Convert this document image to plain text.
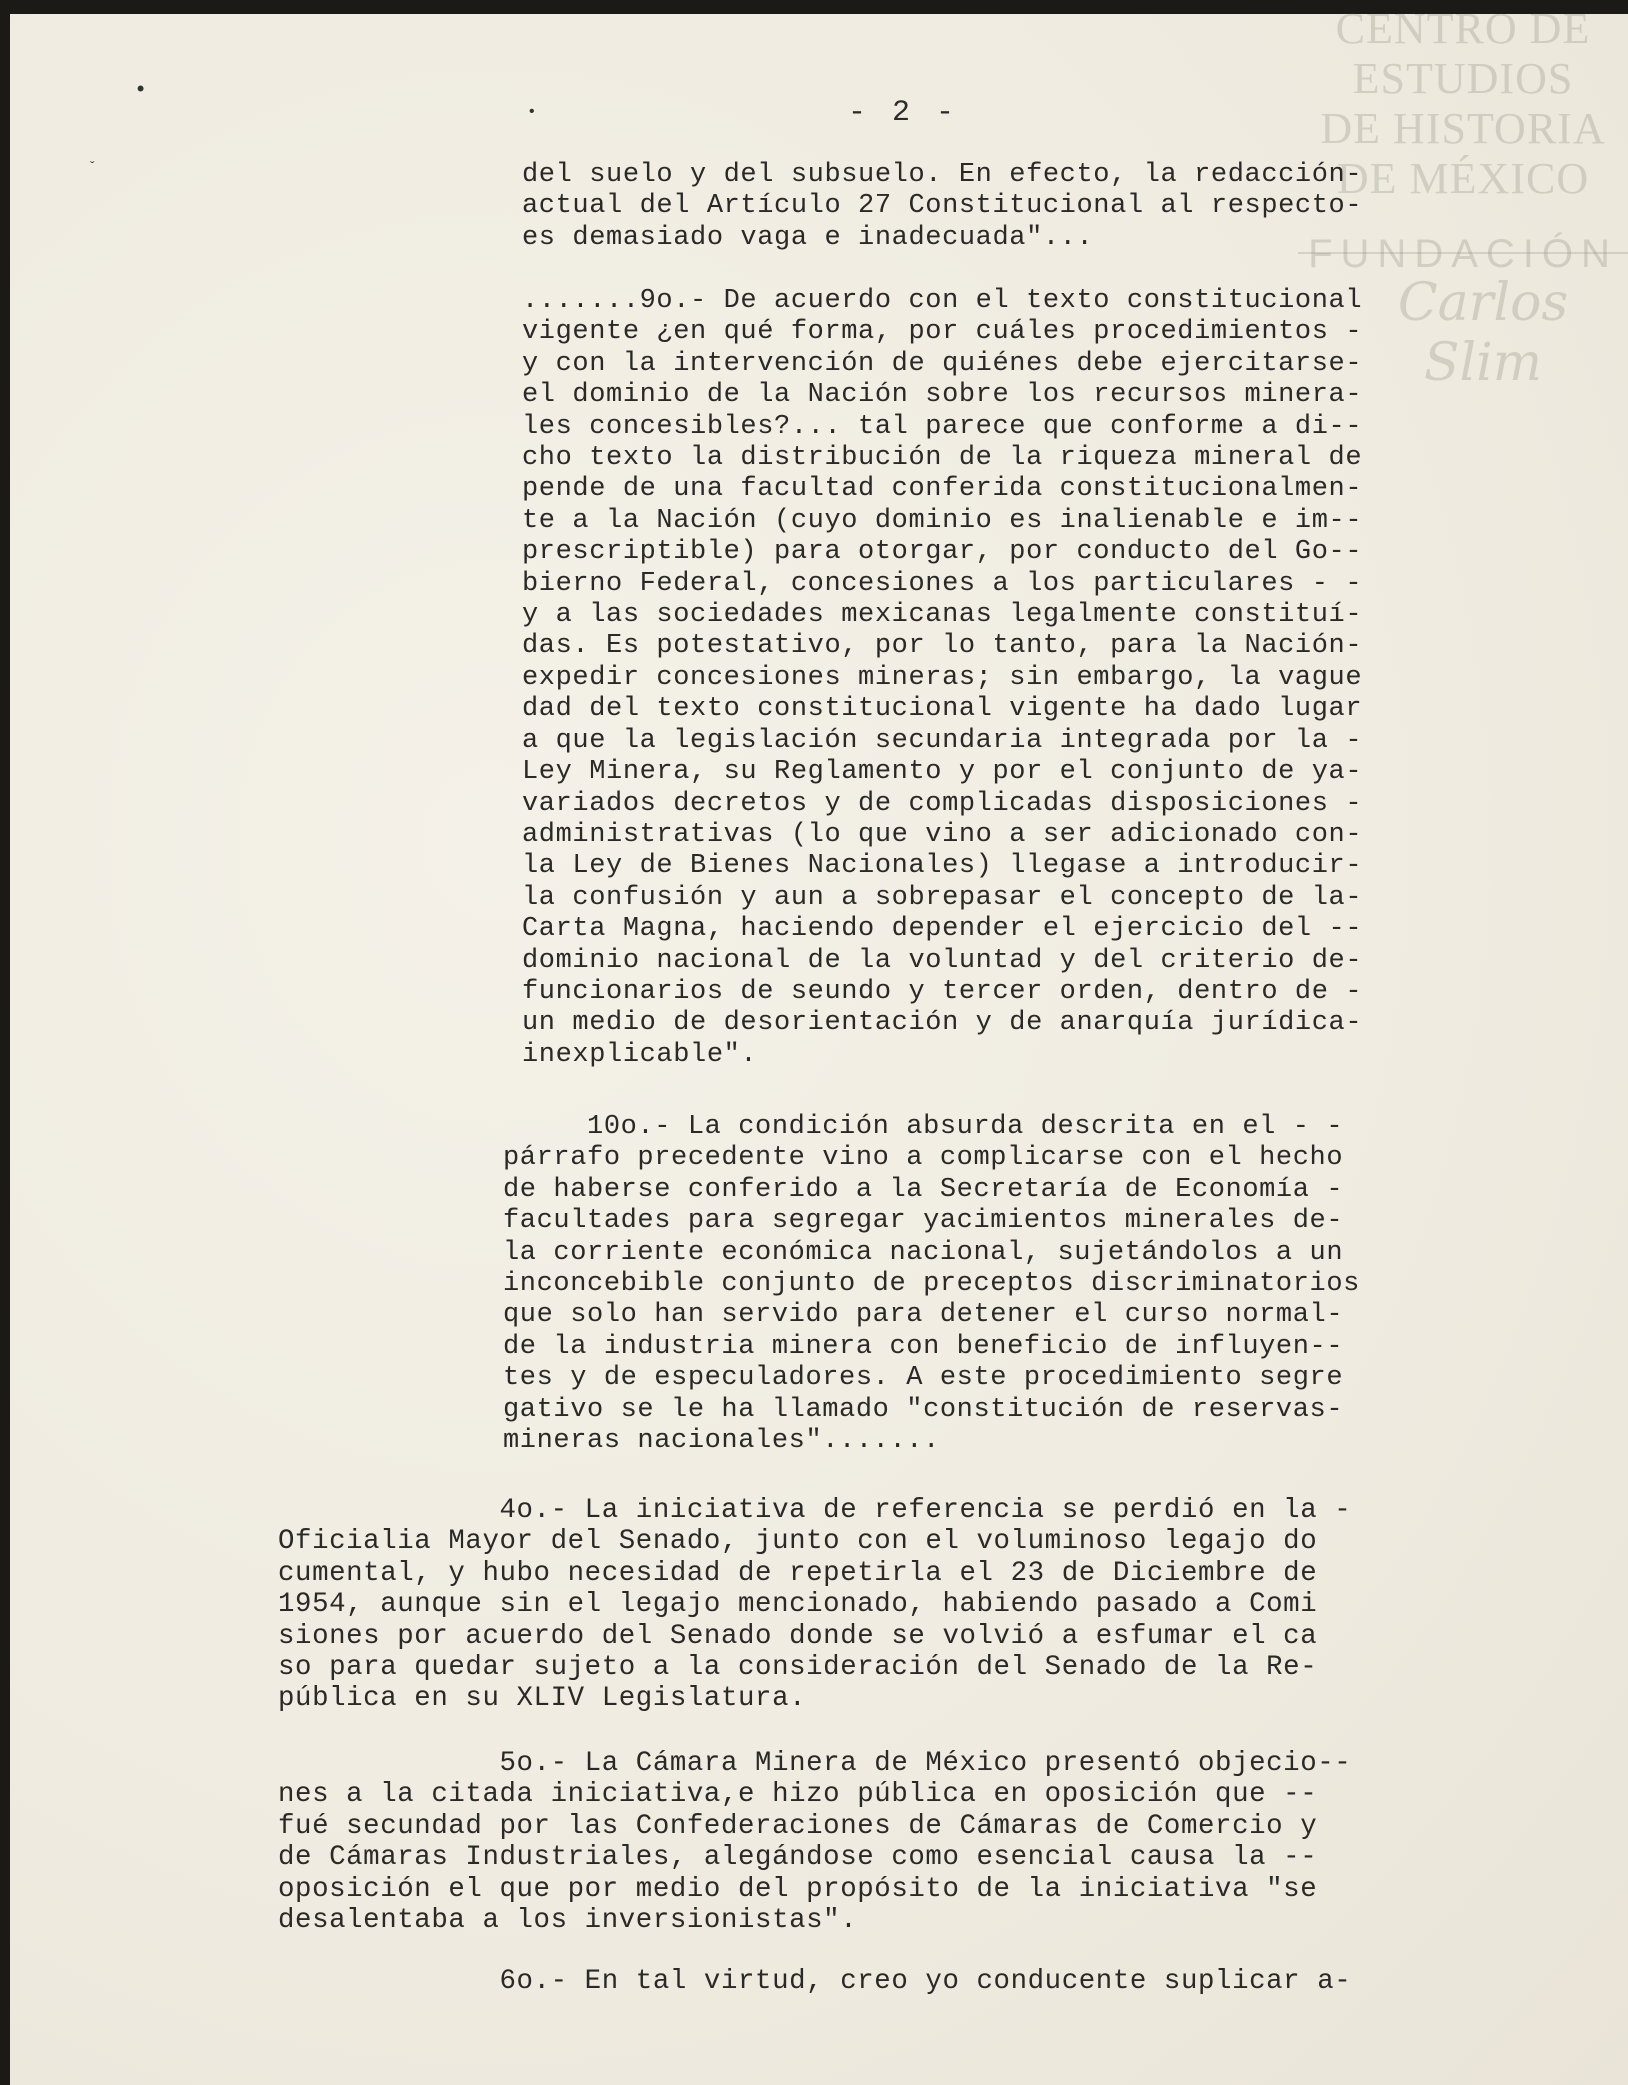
CENTRO DE
ESTUDIOS
DE HISTORIA
DE MÉXICO
FUNDACIÓN
Carlos Slim
•
ˇ
•	- 2 -
del suelo y del subsuelo. En efecto, la redacción-
actual del Artículo 27 Constitucional al respecto-
es demasiado vaga e inadecuada"...
.......9o.- De acuerdo con el texto constitucional
vigente ¿en qué forma, por cuáles procedimientos -
y con la intervención de quiénes debe ejercitarse-
el dominio de la Nación sobre los recursos minera-
les concesibles?... tal parece que conforme a di--
cho texto la distribución de la riqueza mineral de
pende de una facultad conferida constitucionalmen-
te a la Nación (cuyo dominio es inalienable e im--
prescriptible) para otorgar, por conducto del Go--
bierno Federal, concesiones a los particulares - -
y a las sociedades mexicanas legalmente constituí-
das. Es potestativo, por lo tanto, para la Nación-
expedir concesiones mineras; sin embargo, la vague
dad del texto constitucional vigente ha dado lugar
a que la legislación secundaria integrada por la -
Ley Minera, su Reglamento y por el conjunto de ya-
variados decretos y de complicadas disposiciones -
administrativas (lo que vino a ser adicionado con-
la Ley de Bienes Nacionales) llegase a introducir-
la confusión y aun a sobrepasar el concepto de la-
Carta Magna, haciendo depender el ejercicio del --
dominio nacional de la voluntad y del criterio de-
funcionarios de seundo y tercer orden, dentro de -
un medio de desorientación y de anarquía jurídica-
inexplicable".
10o.- La condición absurda descrita en el - -
párrafo precedente vino a complicarse con el hecho
de haberse conferido a la Secretaría de Economía -
facultades para segregar yacimientos minerales de-
la corriente económica nacional, sujetándolos a un
inconcebible conjunto de preceptos discriminatorios
que solo han servido para detener el curso normal-
de la industria minera con beneficio de influyen--
tes y de especuladores. A este procedimiento segre
gativo se le ha llamado "constitución de reservas-
mineras nacionales".......
4o.- La iniciativa de referencia se perdió en la -
Oficialia Mayor del Senado, junto con el voluminoso legajo do
cumental, y hubo necesidad de repetirla el 23 de Diciembre de
1954, aunque sin el legajo mencionado, habiendo pasado a Comi
siones por acuerdo del Senado donde se volvió a esfumar el ca
so para quedar sujeto a la consideración del Senado de la Re-
pública en su XLIV Legislatura.
5o.- La Cámara Minera de México presentó objecio--
nes a la citada iniciativa,e hizo pública en oposición que --
fué secundad por las Confederaciones de Cámaras de Comercio y
de Cámaras Industriales, alegándose como esencial causa la --
oposición el que por medio del propósito de la iniciativa "se
desalentaba a los inversionistas".
6o.- En tal virtud, creo yo conducente suplicar a-
